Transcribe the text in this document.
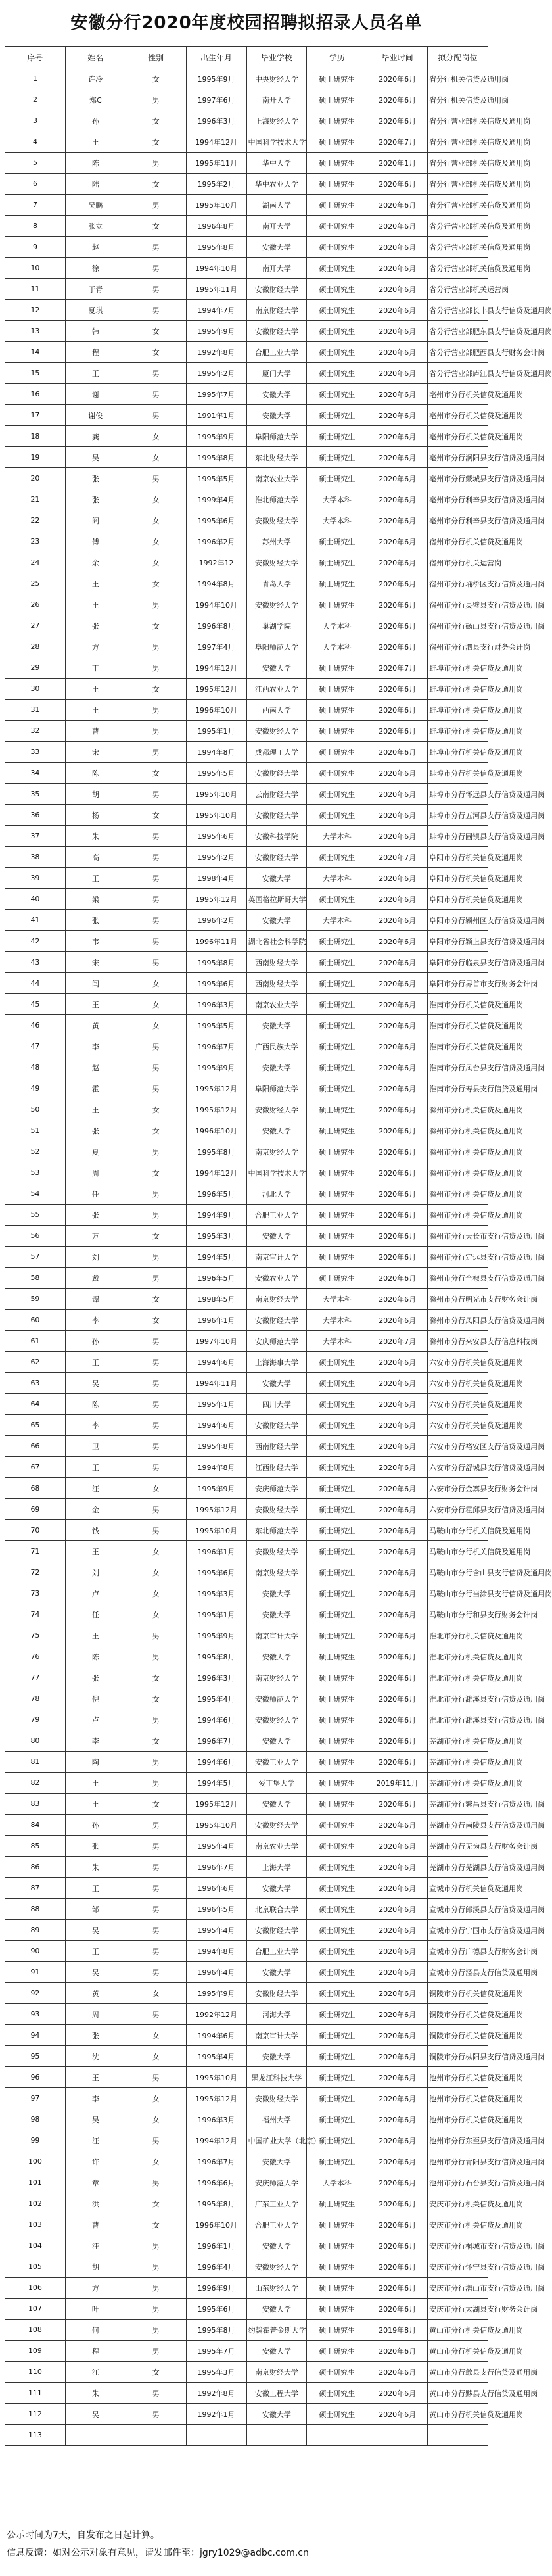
安徽分行2020年度校园招聘拟招录人员名单
序号	姓名	性别	出生年月	毕业学校	学历	毕业时间	拟分配岗位
1	许冷	女	1995年9月	中央财经大学	硕士研究生	2020年6月	省分行机关信贷及通用岗
2	郑C	男	1997年6月	南开大学	硕士研究生	2020年6月	省分行机关信贷及通用岗
3	孙	女	1996年3月	上海财经大学	硕士研究生	2020年6月	省分行营业部机关信贷及通用岗
4	王	女	1994年12月	中国科学技术大学	硕士研究生	2020年7月	省分行营业部机关信贷及通用岗
5	陈	男	1995年11月	华中大学	硕士研究生	2020年1月	省分行营业部机关信贷及通用岗
6	陆	女	1995年2月	华中农业大学	硕士研究生	2020年6月	省分行营业部机关信贷及通用岗
7	吴鹏	男	1995年10月	湖南大学	硕士研究生	2020年6月	省分行营业部机关信贷及通用岗
8	张立	女	1996年8月	南开大学	硕士研究生	2020年6月	省分行营业部机关信贷及通用岗
9	赵	男	1995年8月	安徽大学	硕士研究生	2020年6月	省分行营业部机关信贷及通用岗
10	徐	男	1994年10月	南开大学	硕士研究生	2020年6月	省分行营业部机关信贷及通用岗
11	于青	男	1995年11月	安徽财经大学	硕士研究生	2020年6月	省分行营业部机关运营岗
12	夏琪	男	1994年7月	南京财经大学	硕士研究生	2020年6月	省分行营业部长丰县支行信贷及通用岗
13	韩	女	1995年9月	安徽财经大学	硕士研究生	2020年6月	省分行营业部肥东县支行信贷及通用岗
14	程	女	1992年8月	合肥工业大学	硕士研究生	2020年6月	省分行营业部肥西县支行财务会计岗
15	王	男	1995年2月	厦门大学	硕士研究生	2020年6月	省分行营业部庐江县支行信贷及通用岗
16	谢	男	1995年7月	安徽大学	硕士研究生	2020年6月	亳州市分行机关信贷及通用岗
17	谢俊	男	1991年1月	安徽大学	硕士研究生	2020年6月	亳州市分行机关信贷及通用岗
18	龚	女	1995年9月	阜阳师范大学	硕士研究生	2020年6月	亳州市分行机关信贷及通用岗
19	吴	女	1995年8月	东北财经大学	硕士研究生	2020年6月	亳州市分行涡阳县支行信贷及通用岗
20	张	男	1995年5月	南京农业大学	硕士研究生	2020年6月	亳州市分行蒙城县支行信贷及通用岗
21	张	女	1999年4月	淮北师范大学	大学本科	2020年6月	亳州市分行利辛县支行信贷及通用岗
22	阎	女	1995年6月	安徽财经大学	大学本科	2020年6月	亳州市分行利辛县支行信贷及通用岗
23	傅	女	1996年2月	苏州大学	硕士研究生	2020年6月	宿州市分行机关信贷及通用岗
24	余	女	1992年12	安徽财经大学	硕士研究生	2020年6月	宿州市分行机关运营岗
25	王	女	1994年8月	青岛大学	硕士研究生	2020年6月	宿州市分行埇桥区支行信贷及通用岗
26	王	男	1994年10月	安徽财经大学	硕士研究生	2020年6月	宿州市分行灵璧县支行信贷及通用岗
27	张	女	1996年8月	巢湖学院	大学本科	2020年6月	宿州市分行砀山县支行信贷及通用岗
28	方	男	1997年4月	阜阳师范大学	大学本科	2020年6月	宿州市分行泗县支行财务会计岗
29	丁	男	1994年12月	安徽大学	硕士研究生	2020年7月	蚌埠市分行机关信贷及通用岗
30	王	女	1995年12月	江西农业大学	硕士研究生	2020年6月	蚌埠市分行机关信贷及通用岗
31	王	男	1996年10月	西南大学	硕士研究生	2020年6月	蚌埠市分行机关信贷及通用岗
32	曹	男	1995年1月	安徽财经大学	硕士研究生	2020年6月	蚌埠市分行机关信贷及通用岗
33	宋	男	1994年8月	成都理工大学	硕士研究生	2020年6月	蚌埠市分行机关信贷及通用岗
34	陈	女	1995年5月	安徽财经大学	硕士研究生	2020年6月	蚌埠市分行机关信贷及通用岗
35	胡	男	1995年10月	云南财经大学	硕士研究生	2020年6月	蚌埠市分行怀远县支行信贷及通用岗
36	杨	女	1995年10月	安徽财经大学	硕士研究生	2020年6月	蚌埠市分行五河县支行信贷及通用岗
37	朱	男	1995年6月	安徽科技学院	大学本科	2020年6月	蚌埠市分行固镇县支行信贷及通用岗
38	高	男	1995年2月	安徽财经大学	硕士研究生	2020年7月	阜阳市分行机关信贷及通用岗
39	王	男	1998年4月	安徽大学	大学本科	2020年6月	阜阳市分行机关信贷及通用岗
40	梁	男	1995年12月	英国格拉斯哥大学	硕士研究生	2020年6月	阜阳市分行机关信贷及通用岗
41	张	男	1996年2月	安徽大学	大学本科	2020年6月	阜阳市分行颍州区支行信贷及通用岗
42	韦	男	1996年11月	湖北省社会科学院	硕士研究生	2020年6月	阜阳市分行颍上县支行信贷及通用岗
43	宋	男	1995年8月	西南财经大学	硕士研究生	2020年6月	阜阳市分行临泉县支行信贷及通用岗
44	闫	女	1995年6月	西南财经大学	硕士研究生	2020年6月	阜阳市分行界首市支行财务会计岗
45	王	女	1996年3月	南京农业大学	硕士研究生	2020年6月	淮南市分行机关信贷及通用岗
46	黄	女	1995年5月	安徽大学	硕士研究生	2020年6月	淮南市分行机关信贷及通用岗
47	李	男	1996年7月	广西民族大学	硕士研究生	2020年6月	淮南市分行机关信贷及通用岗
48	赵	男	1995年9月	安徽大学	硕士研究生	2020年6月	淮南市分行凤台县支行信贷及通用岗
49	霍	男	1995年12月	阜阳师范大学	硕士研究生	2020年6月	淮南市分行寿县支行信贷及通用岗
50	王	女	1995年12月	安徽财经大学	硕士研究生	2020年6月	滁州市分行机关信贷及通用岗
51	张	女	1996年10月	安徽大学	硕士研究生	2020年6月	滁州市分行机关信贷及通用岗
52	夏	男	1995年8月	南京财经大学	硕士研究生	2020年6月	滁州市分行机关信贷及通用岗
53	周	女	1994年12月	中国科学技术大学	硕士研究生	2020年6月	滁州市分行机关信贷及通用岗
54	任	男	1996年5月	河北大学	硕士研究生	2020年6月	滁州市分行机关信贷及通用岗
55	张	男	1994年9月	合肥工业大学	硕士研究生	2020年6月	滁州市分行机关信贷及通用岗
56	万	女	1995年3月	安徽大学	硕士研究生	2020年6月	滁州市分行天长市支行信贷及通用岗
57	刘	男	1994年5月	南京审计大学	硕士研究生	2020年6月	滁州市分行定远县支行信贷及通用岗
58	戴	男	1996年5月	安徽农业大学	硕士研究生	2020年6月	滁州市分行全椒县支行信贷及通用岗
59	谭	女	1998年5月	南京财经大学	大学本科	2020年6月	滁州市分行明光市支行财务会计岗
60	李	女	1996年1月	安徽财经大学	大学本科	2020年6月	滁州市分行凤阳县支行信贷及通用岗
61	孙	男	1997年10月	安庆师范大学	大学本科	2020年7月	滁州市分行来安县支行信息科技岗
62	王	男	1994年6月	上海海事大学	硕士研究生	2020年6月	六安市分行机关信贷及通用岗
63	吴	男	1994年11月	安徽大学	硕士研究生	2020年6月	六安市分行机关信贷及通用岗
64	陈	男	1995年1月	四川大学	硕士研究生	2020年6月	六安市分行机关信贷及通用岗
65	李	男	1994年6月	安徽财经大学	硕士研究生	2020年6月	六安市分行机关信贷及通用岗
66	卫	男	1995年8月	西南财经大学	硕士研究生	2020年6月	六安市分行裕安区支行信贷及通用岗
67	王	男	1994年8月	江西财经大学	硕士研究生	2020年6月	六安市分行舒城县支行信贷及通用岗
68	汪	女	1995年9月	安庆师范大学	硕士研究生	2020年6月	六安市分行金寨县支行财务会计岗
69	金	男	1995年12月	安徽财经大学	硕士研究生	2020年6月	六安市分行霍邱县支行信贷及通用岗
70	钱	男	1995年10月	东北师范大学	硕士研究生	2020年6月	马鞍山市分行机关信贷及通用岗
71	王	女	1996年1月	安徽财经大学	硕士研究生	2020年6月	马鞍山市分行机关信贷及通用岗
72	刘	女	1995年6月	南京财经大学	硕士研究生	2020年6月	马鞍山市分行含山县支行信贷及通用岗
73	卢	女	1995年3月	安徽大学	硕士研究生	2020年6月	马鞍山市分行当涂县支行信贷及通用岗
74	任	女	1995年1月	安徽大学	硕士研究生	2020年6月	马鞍山市分行和县支行财务会计岗
75	王	男	1995年9月	南京审计大学	硕士研究生	2020年6月	淮北市分行机关信贷及通用岗
76	陈	男	1995年8月	安徽大学	硕士研究生	2020年6月	淮北市分行机关信贷及通用岗
77	张	女	1996年3月	南京财经大学	硕士研究生	2020年6月	淮北市分行机关信贷及通用岗
78	倪	女	1995年4月	安徽师范大学	硕士研究生	2020年6月	淮北市分行濉溪县支行信贷及通用岗
79	卢	男	1994年6月	安徽财经大学	硕士研究生	2020年6月	淮北市分行濉溪县支行信贷及通用岗
80	李	女	1996年7月	安徽大学	硕士研究生	2020年6月	芜湖市分行机关信贷及通用岗
81	陶	男	1994年6月	安徽工业大学	硕士研究生	2020年6月	芜湖市分行机关信贷及通用岗
82	王	男	1994年5月	爱丁堡大学	硕士研究生	2019年11月	芜湖市分行机关信贷及通用岗
83	王	女	1995年12月	安徽大学	硕士研究生	2020年6月	芜湖市分行繁昌县支行信贷及通用岗
84	孙	男	1995年10月	安徽财经大学	硕士研究生	2020年6月	芜湖市分行南陵县支行信贷及通用岗
85	张	男	1995年4月	南京农业大学	硕士研究生	2020年6月	芜湖市分行无为县支行财务会计岗
86	朱	男	1996年7月	上海大学	硕士研究生	2020年6月	芜湖市分行芜湖县支行信贷及通用岗
87	王	男	1996年6月	安徽大学	硕士研究生	2020年6月	宣城市分行机关信贷及通用岗
88	邹	男	1996年5月	北京联合大学	硕士研究生	2020年6月	宣城市分行郎溪县支行信贷及通用岗
89	吴	男	1995年4月	安徽财经大学	硕士研究生	2020年6月	宣城市分行宁国市支行信贷及通用岗
90	王	男	1994年8月	合肥工业大学	硕士研究生	2020年6月	宣城市分行广德县支行财务会计岗
91	吴	男	1996年4月	安徽大学	硕士研究生	2020年6月	宣城市分行泾县支行信贷及通用岗
92	黄	女	1995年9月	安徽财经大学	硕士研究生	2020年6月	铜陵市分行机关信贷及通用岗
93	周	男	1992年12月	河海大学	硕士研究生	2020年6月	铜陵市分行机关信贷及通用岗
94	张	女	1994年6月	南京审计大学	硕士研究生	2020年6月	铜陵市分行机关信贷及通用岗
95	沈	女	1995年4月	安徽大学	硕士研究生	2020年6月	铜陵市分行枞阳县支行信贷及通用岗
96	王	男	1995年10月	黑龙江科技大学	硕士研究生	2020年6月	池州市分行机关信贷及通用岗
97	李	女	1995年12月	安徽财经大学	硕士研究生	2020年6月	池州市分行机关信贷及通用岗
98	吴	女	1996年3月	福州大学	硕士研究生	2020年6月	池州市分行机关信贷及通用岗
99	汪	男	1994年12月	中国矿业大学（北京）	硕士研究生	2020年6月	池州市分行东至县支行信贷及通用岗
100	许	女	1996年7月	安徽大学	硕士研究生	2020年6月	池州市分行青阳县支行信贷及通用岗
101	章	男	1996年6月	安庆师范大学	大学本科	2020年6月	池州市分行石台县支行信贷及通用岗
102	洪	女	1995年8月	广东工业大学	硕士研究生	2020年6月	安庆市分行机关信贷及通用岗
103	曹	女	1996年10月	合肥工业大学	硕士研究生	2020年6月	安庆市分行机关信贷及通用岗
104	汪	男	1996年1月	安徽大学	硕士研究生	2020年6月	安庆市分行桐城市支行信贷及通用岗
105	胡	男	1996年4月	安徽财经大学	硕士研究生	2020年6月	安庆市分行怀宁县支行信贷及通用岗
106	方	男	1996年9月	山东财经大学	硕士研究生	2020年6月	安庆市分行潜山市支行信贷及通用岗
107	叶	男	1995年6月	安徽大学	硕士研究生	2020年6月	安庆市分行太湖县支行财务会计岗
108	何	男	1995年8月	约翰霍普金斯大学	硕士研究生	2019年8月	黄山市分行机关信贷及通用岗
109	程	男	1995年7月	安徽大学	硕士研究生	2020年6月	黄山市分行机关信贷及通用岗
110	江	女	1995年3月	南京财经大学	硕士研究生	2020年6月	黄山市分行歙县支行信贷及通用岗
111	朱	男	1992年8月	安徽工程大学	硕士研究生	2020年6月	黄山市分行黟县支行信贷及通用岗
112	吴	男	1992年1月	安徽大学	硕士研究生	2020年6月	黄山市分行机关信贷及通用岗
113							
公示时间为7天，自发布之日起计算。
信息反馈：如对公示对象有意见，请发邮件至：jgry1029@adbc.com.cn
